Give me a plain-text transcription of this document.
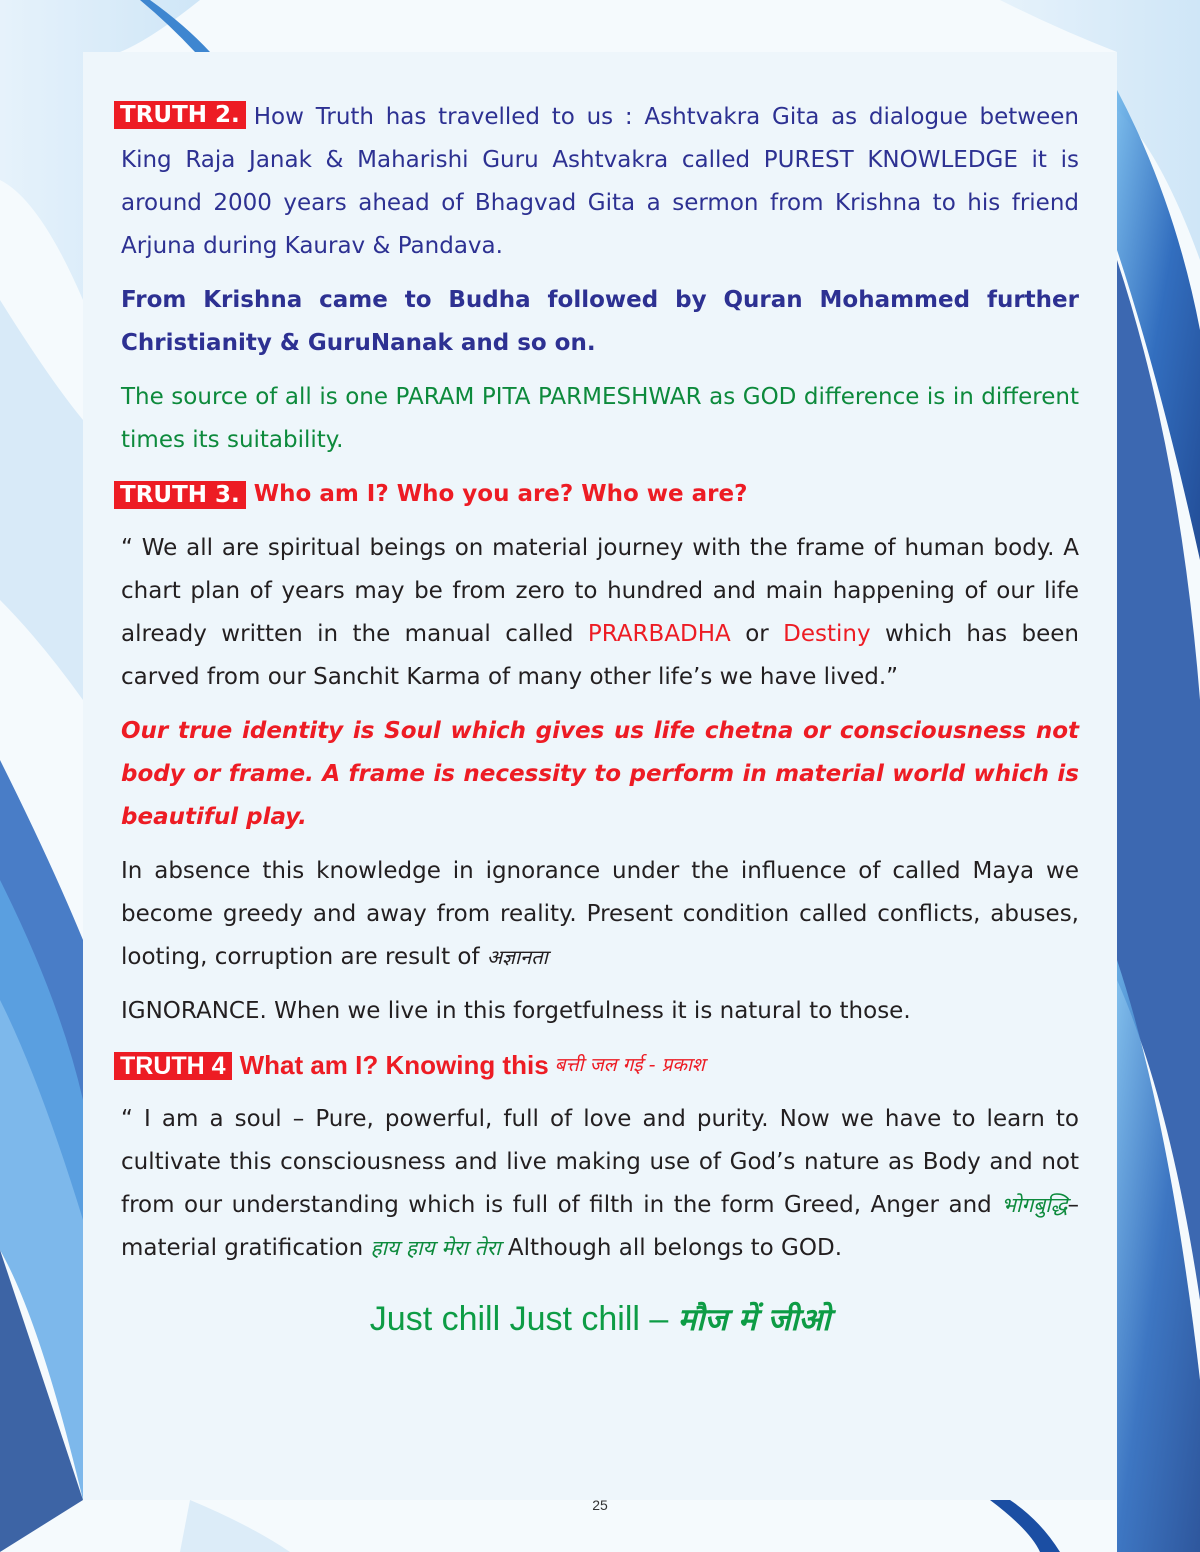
TRUTH 2. How Truth has travelled to us : Ashtvakra Gita as dialogue between King Raja Janak & Maharishi Guru Ashtvakra called PUREST KNOWLEDGE it is around 2000 years ahead of Bhagvad Gita a sermon from Krishna to his friend Arjuna during Kaurav & Pandava.

From Krishna came to Budha followed by Quran Mohammed further Christianity & GuruNanak and so on.

The source of all is one PARAM PITA PARMESHWAR as GOD difference is in different times its suitability.

TRUTH 3. Who am I? Who you are? Who we are?

“ We all are spiritual beings on material journey with the frame of human body. A chart plan of years may be from zero to hundred and main happening of our life already written in the manual called PRARBADHA or Destiny which has been carved from our Sanchit Karma of many other life’s we have lived.”

Our true identity is Soul which gives us life chetna or consciousness not body or frame. A frame is necessity to perform in material world which is beautiful play.

In absence this knowledge in ignorance under the influence of called Maya we become greedy and away from reality. Present condition called conflicts, abuses, looting, corruption are result of अज्ञानता

IGNORANCE. When we live in this forgetfulness it is natural to those.

TRUTH 4 What am I? Knowing this बत्ती जल गई - प्रकाश

“ I am a soul – Pure, powerful, full of love and purity. Now we have to learn to cultivate this consciousness and live making use of God’s nature as Body and not from our understanding which is full of filth in the form Greed, Anger and भोगबुद्धि– material gratification हाय हाय मेरा तेरा Although all belongs to GOD.

Just chill Just chill – मौज में जीओ
25
